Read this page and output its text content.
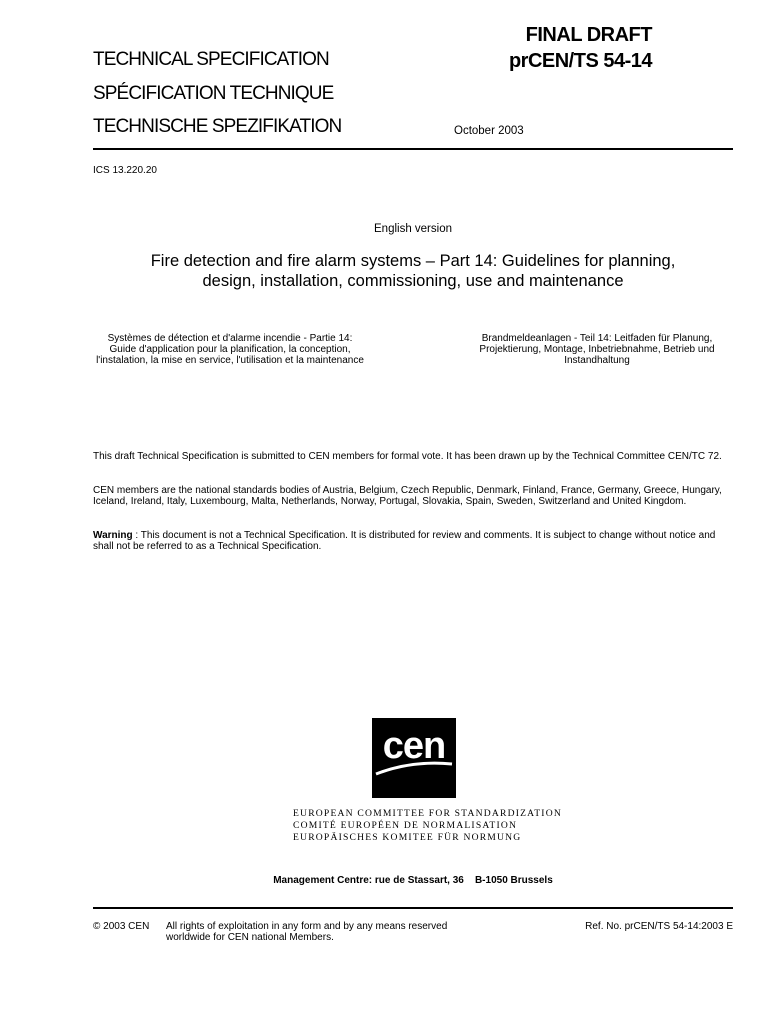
FINAL DRAFT
prCEN/TS 54-14
TECHNICAL SPECIFICATION
SPÉCIFICATION TECHNIQUE
TECHNISCHE SPEZIFIKATION	October 2003
ICS 13.220.20
English version
Fire detection and fire alarm systems – Part 14: Guidelines for planning, design, installation, commissioning, use and maintenance
Systèmes de détection et d'alarme incendie - Partie 14: Guide d'application pour la planification, la conception, l'instalation, la mise en service, l'utilisation et la maintenance
Brandmeldeanlagen - Teil 14: Leitfaden für Planung, Projektierung, Montage, Inbetriebnahme, Betrieb und Instandhaltung
This draft Technical Specification is submitted to CEN members for formal vote. It has been drawn up by the Technical Committee CEN/TC 72.
CEN members are the national standards bodies of Austria, Belgium, Czech Republic, Denmark, Finland, France, Germany, Greece, Hungary, Iceland, Ireland, Italy, Luxembourg, Malta, Netherlands, Norway, Portugal, Slovakia, Spain, Sweden, Switzerland and United Kingdom.
Warning : This document is not a Technical Specification. It is distributed for review and comments. It is subject to change without notice and shall not be referred to as a Technical Specification.
cen
EUROPEAN COMMITTEE FOR STANDARDIZATION
COMITÉ EUROPÉEN DE NORMALISATION
EUROPÄISCHES KOMITEE FÜR NORMUNG
Management Centre: rue de Stassart, 36    B-1050 Brussels
© 2003 CEN All rights of exploitation in any form and by any means reserved worldwide for CEN national Members.
Ref. No. prCEN/TS 54-14:2003 E
